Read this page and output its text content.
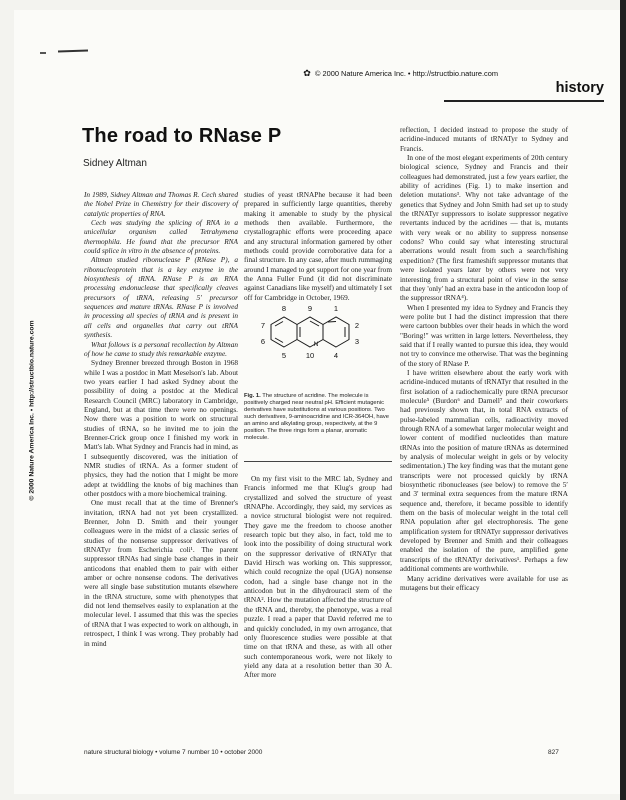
✿ © 2000 Nature America Inc. • http://structbio.nature.com
history
© 2000 Nature America Inc. • http://structbio.nature.com
The road to RNase P
Sidney Altman

In 1989, Sidney Altman and Thomas R. Cech shared the Nobel Prize in Chemistry for their discovery of catalytic properties of RNA.

Cech was studying the splicing of RNA in a unicellular organism called Tetrahymena thermophila. He found that the precursor RNA could splice in vitro in the absence of proteins.

Altman studied ribonuclease P (RNase P), a ribonucleoprotein that is a key enzyme in the biosynthesis of tRNA. RNase P is an RNA processing endonuclease that specifically cleaves precursors of tRNA, releasing 5′ precursor sequences and mature tRNAs. RNase P is involved in processing all species of tRNA and is present in all cells and organelles that carry out tRNA synthesis.

What follows is a personal recollection by Altman of how he came to study this remarkable enzyme.

Sydney Brenner breezed through Boston in 1968 while I was a postdoc in Matt Meselson's lab. About two years earlier I had asked Sydney about the possibility of doing a postdoc at the Medical Research Council (MRC) laboratory in Cambridge, England, but at that time there were no openings. Now there was a position to work on structural studies of tRNA, so he invited me to join the Brenner-Crick group once I finished my work in Matt's lab. What Sydney and Francis had in mind, as I subsequently discovered, was the initiation of NMR studies of tRNA. As a former student of physics, they had the notion that I might be more adept at twiddling the knobs of big machines than other postdocs with a more biochemical training.

One must recall that at the time of Brenner's invitation, tRNA had not yet been crystallized. Brenner, John D. Smith and their younger colleagues were in the midst of a classic series of studies of the nonsense suppressor derivatives of tRNATyr from Escherichia coli¹. The parent suppressor tRNAs had single base changes in their anticodons that enabled them to pair with either amber or ochre nonsense codons. The derivatives were all single base substitution mutants elsewhere in the tRNA structure, some with phenotypes that did not lend themselves easily to explanation at the molecular level. I assumed that this was the species of tRNA that I was expected to work on although, in retrospect, I think I was wrong. They probably had in mind

studies of yeast tRNAPhe because it had been prepared in sufficiently large quantities, thereby making it amenable to study by the physical methods then available. Furthermore, the crystallographic efforts were proceeding apace and any structural information garnered by other methods could provide corroborative data for a final structure. In any case, after much rummaging around I managed to get support for one year from the Anna Fuller Fund (it did not discriminate against Canadians like myself) and ultimately I set off for Cambridge in October, 1969.

8	9	1
7	2
6
5	10	4
3
N
Fig. 1. The structure of acridine. The molecule is positively charged near neutral pH. Efficient mutagenic derivatives have substitutions at various positions. Two such derivatives, 9-aminoacridine and ICR-364OH, have an amino and alkylating group, respectively, at the 9 position. The three rings form a planar, aromatic molecule.

On my first visit to the MRC lab, Sydney and Francis informed me that Klug's group had crystallized and solved the structure of yeast tRNAPhe. Accordingly, they said, my services as a novice structural biologist were not required. They gave me the freedom to choose another research topic but they also, in fact, told me to look into the possibility of doing structural work on the suppressor derivative of tRNATyr that David Hirsch was working on. This suppressor, which could recognize the opal (UGA) nonsense codon, had a single base change not in the anticodon but in the dihydrouracil stem of the tRNA². How the mutation affected the structure of the tRNA and, thereby, the phenotype, was a real puzzle. I read a paper that David referred me to and quickly concluded, in my own arrogance, that only fluorescence studies were possible at that time on that tRNA and these, as with all other such contemporaneous work, were not likely to yield any data at a resolution better than 30 Å. After more

reflection, I decided instead to propose the study of acridine-induced mutants of tRNATyr to Sydney and Francis.

In one of the most elegant experiments of 20th century biological science, Sydney and Francis and their colleagues had demonstrated, just a few years earlier, the ability of acridines (Fig. 1) to make insertion and deletion mutations³. Why not take advantage of the genetics that Sydney and John Smith had set up to study the tRNATyr suppressors to isolate suppressor negative revertants induced by the acridines — that is, mutants with very weak or no ability to suppress nonsense codons? Who could say what interesting structural aberrations would result from such a search/fishing expedition? (The first frameshift suppressor mutants that were isolated years later by others were not very interesting from a structural point of view in the sense that they 'only' had an extra base in the anticodon loop of the suppressor tRNA⁴).

When I presented my idea to Sydney and Francis they were polite but I had the distinct impression that there were cartoon bubbles over their heads in which the word "Boring!" was written in large letters. Nevertheless, they said that if I really wanted to pursue this idea, they would not try to convince me otherwise. That was the beginning of the story of RNase P.

I have written elsewhere about the early work with acridine-induced mutants of tRNATyr that resulted in the first isolation of a radiochemically pure tRNA precursor molecule⁵ (Burdon⁶ and Darnell⁷ and their coworkers had previously shown that, in total RNA extracts of pulse-labeled mammalian cells, radioactivity moved through RNA of a somewhat larger molecular weight and lower content of modified nucleotides than mature tRNAs into the position of mature tRNAs as determined by analysis of molecular weight in gels or by velocity sedimentation.) The key finding was that the mutant gene transcripts were not processed quickly by tRNA biosynthetic ribonucleases (see below) to remove the 5′ and 3′ terminal extra sequences from the mature tRNA sequence and, therefore, it became possible to identify them on the basis of molecular weight in the total cell RNA population after gel electrophoresis. The gene amplification system for tRNATyr suppressor derivatives developed by Brenner and Smith and their colleagues enabled the isolation of the pure, amplified gene transcripts of the tRNATyr derivatives¹. Perhaps a few additional comments are worthwhile.

Many acridine derivatives were available for use as mutagens but their efficacy

nature structural biology • volume 7 number 10 • october 2000	827
